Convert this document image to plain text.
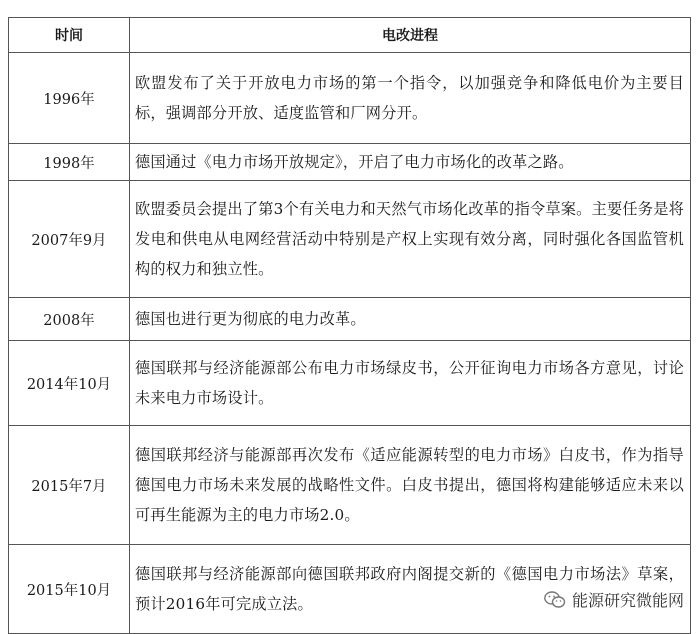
时间	电改进程
1996年	欧盟发布了关于开放电力市场的第一个指令，以加强竞争和降低电价为主要目标，强调部分开放、适度监管和厂网分开。
1998年	德国通过《电力市场开放规定》，开启了电力市场化的改革之路。
2007年9月	欧盟委员会提出了第3个有关电力和天然气市场化改革的指令草案。主要任务是将发电和供电从电网经营活动中特别是产权上实现有效分离，同时强化各国监管机构的权力和独立性。
2008年	德国也进行更为彻底的电力改革。
2014年10月	德国联邦与经济能源部公布电力市场绿皮书，公开征询电力市场各方意见，讨论未来电力市场设计。
2015年7月	德国联邦经济与能源部再次发布《适应能源转型的电力市场》白皮书，作为指导德国电力市场未来发展的战略性文件。白皮书提出，德国将构建能够适应未来以可再生能源为主的电力市场2.0。
2015年10月	德国联邦与经济能源部向德国联邦政府内阁提交新的《德国电力市场法》草案，预计2016年可完成立法。	能源研究微能网
